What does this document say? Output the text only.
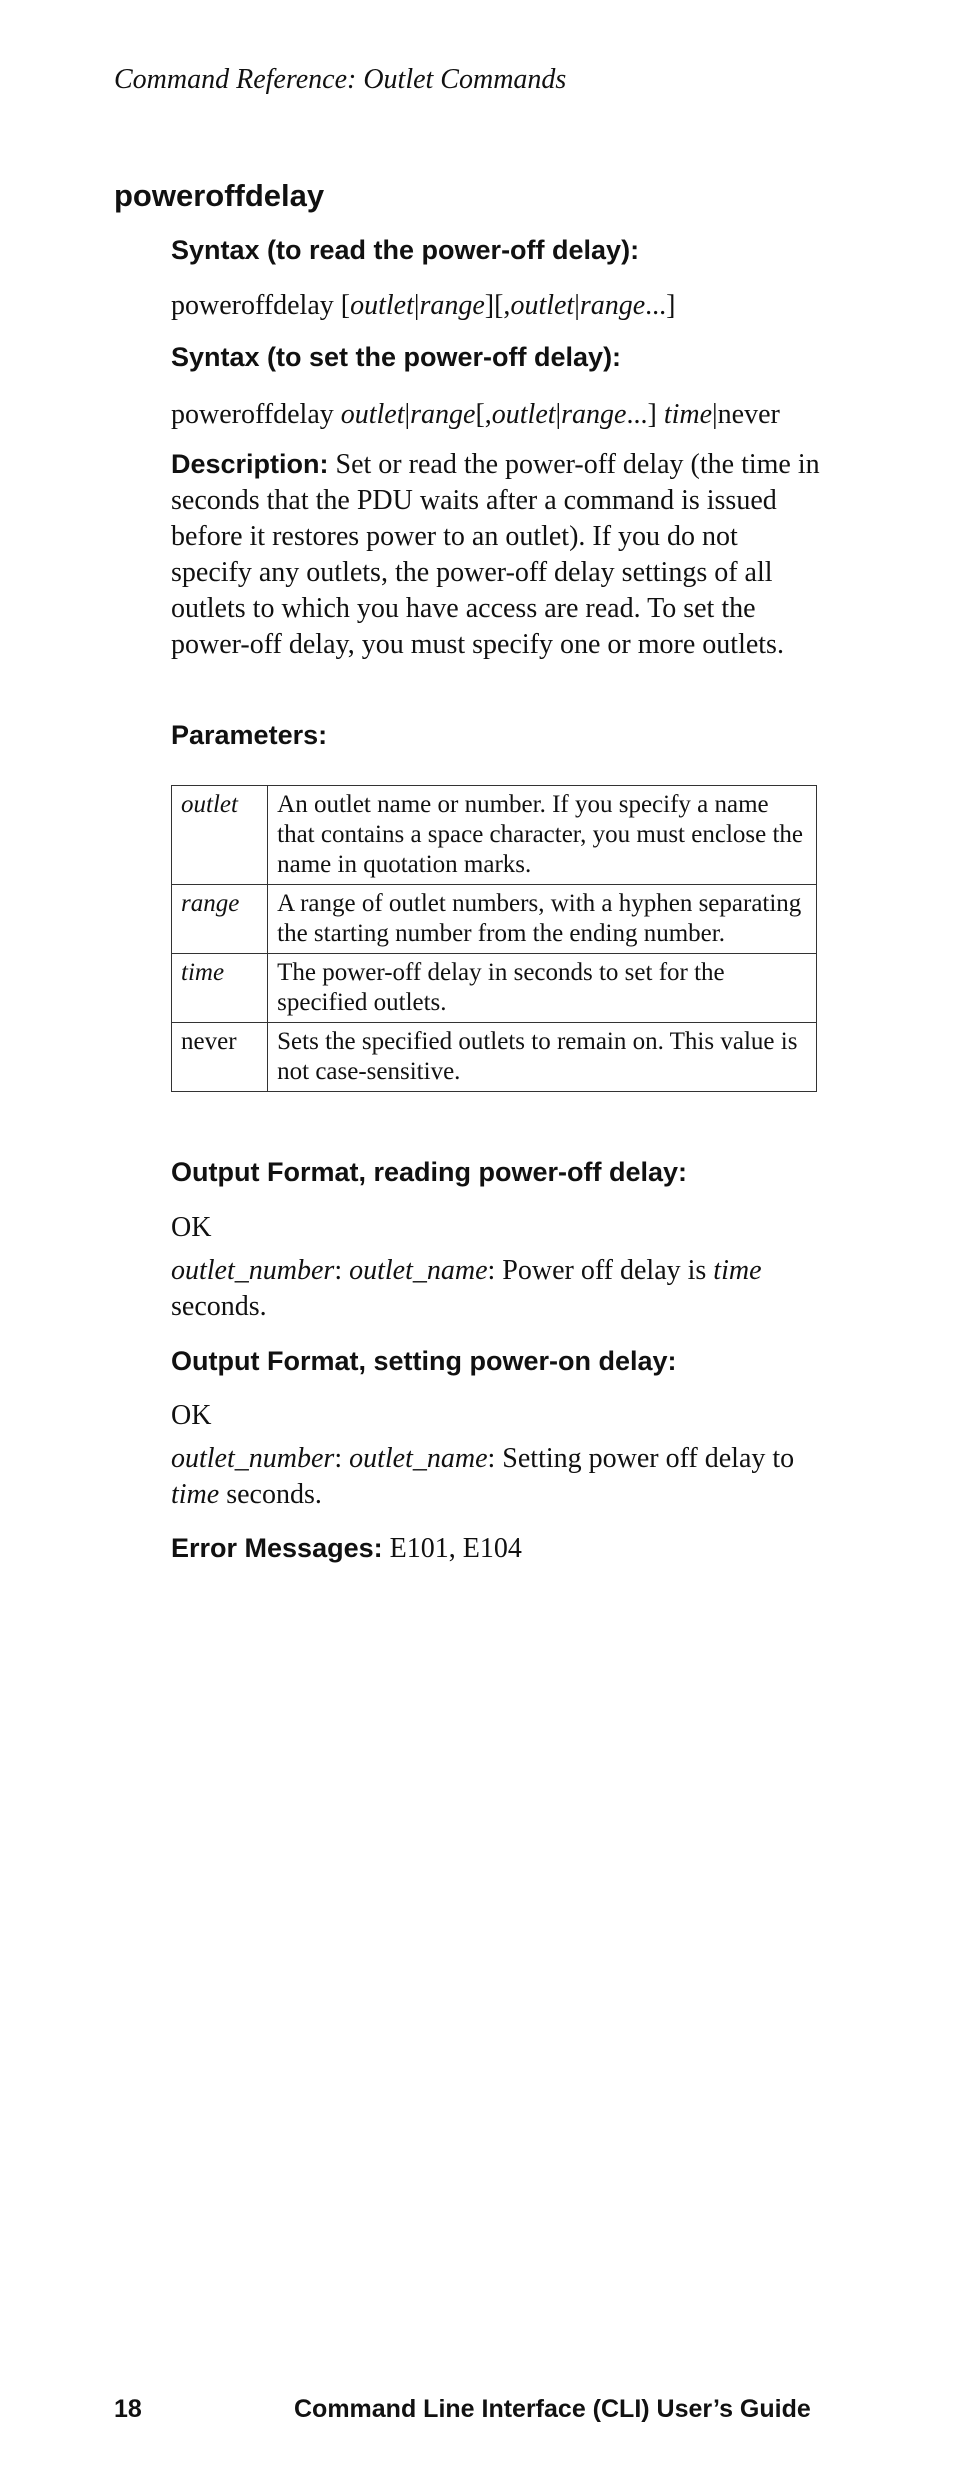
Command Reference: Outlet Commands
poweroffdelay
Syntax (to read the power-off delay):
poweroffdelay [outlet|range][,outlet|range...]
Syntax (to set the power-off delay):
poweroffdelay outlet|range[,outlet|range...] time|never
Description: Set or read the power-off delay (the time in seconds that the PDU waits after a command is issued before it restores power to an outlet). If you do not specify any outlets, the power-off delay settings of all outlets to which you have access are read. To set the power-off delay, you must specify one or more outlets.
Parameters:
outlet	An outlet name or number. If you specify a name that contains a space character, you must enclose the name in quotation marks.
range	A range of outlet numbers, with a hyphen separating the starting number from the ending number.
time	The power-off delay in seconds to set for the specified outlets.
never	Sets the specified outlets to remain on. This value is not case-sensitive.
Output Format, reading power-off delay:
OK
outlet_number: outlet_name: Power off delay is time seconds.
Output Format, setting power-on delay:
OK
outlet_number: outlet_name: Setting power off delay to time seconds.
Error Messages: E101, E104
18	Command Line Interface (CLI) User’s Guide
